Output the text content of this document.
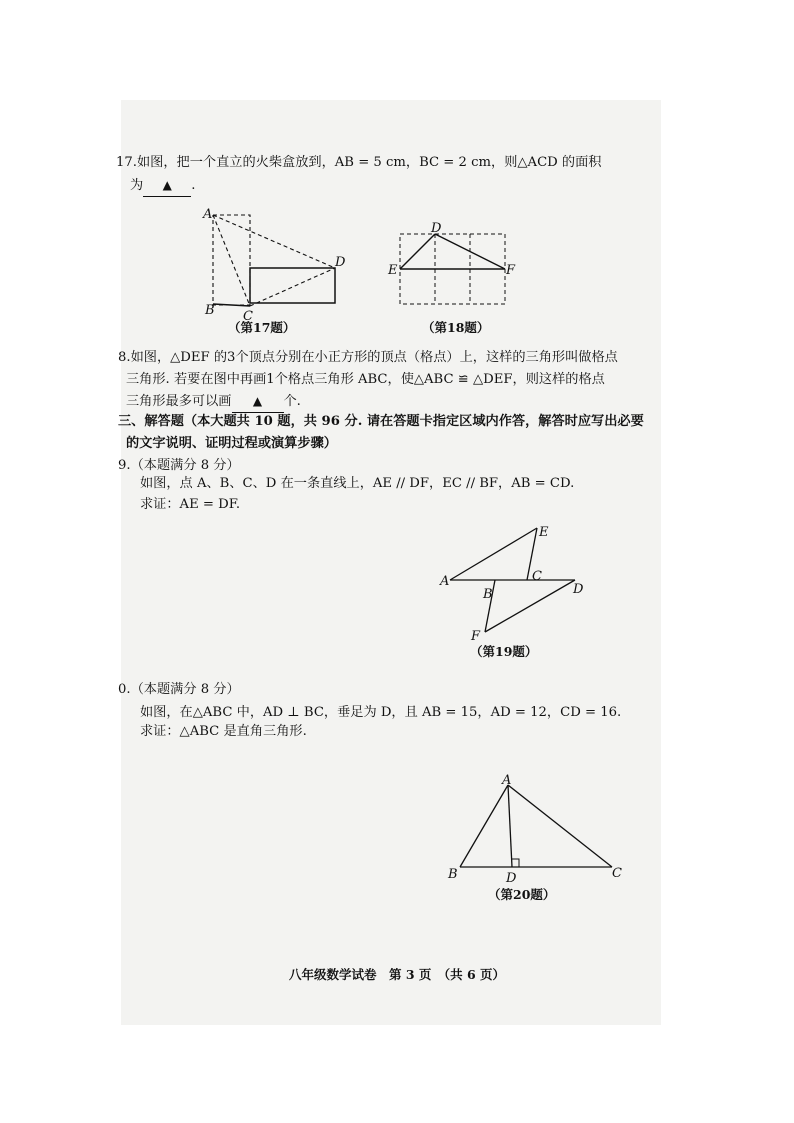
17.如图，把一个直立的火柴盒放到，AB = 5 cm，BC = 2 cm，则△ACD 的面积
为 ▲ .
A
B C
D
（第17题）
D
E	F
（第18题）
8.如图，△DEF 的3个顶点分别在小正方形的顶点（格点）上，这样的三角形叫做格点
三角形. 若要在图中再画1个格点三角形 ABC，使△ABC ≌ △DEF，则这样的格点
三角形最多可以画 ▲ 个.
三、解答题（本大题共 10 题，共 96 分. 请在答题卡指定区域内作答，解答时应写出必要
的文字说明、证明过程或演算步骤）
9.（本题满分 8 分）
如图，点 A、B、C、D 在一条直线上，AE // DF，EC // BF，AB = CD.
求证：AE = DF.
A
B
C
D
E
F
（第19题）
0.（本题满分 8 分）
如图，在△ABC 中，AD ⊥ BC，垂足为 D，且 AB = 15，AD = 12，CD = 16.
求证：△ABC 是直角三角形.
A
B	C
D
（第20题）
八年级数学试卷　第 3 页　（共 6 页）
